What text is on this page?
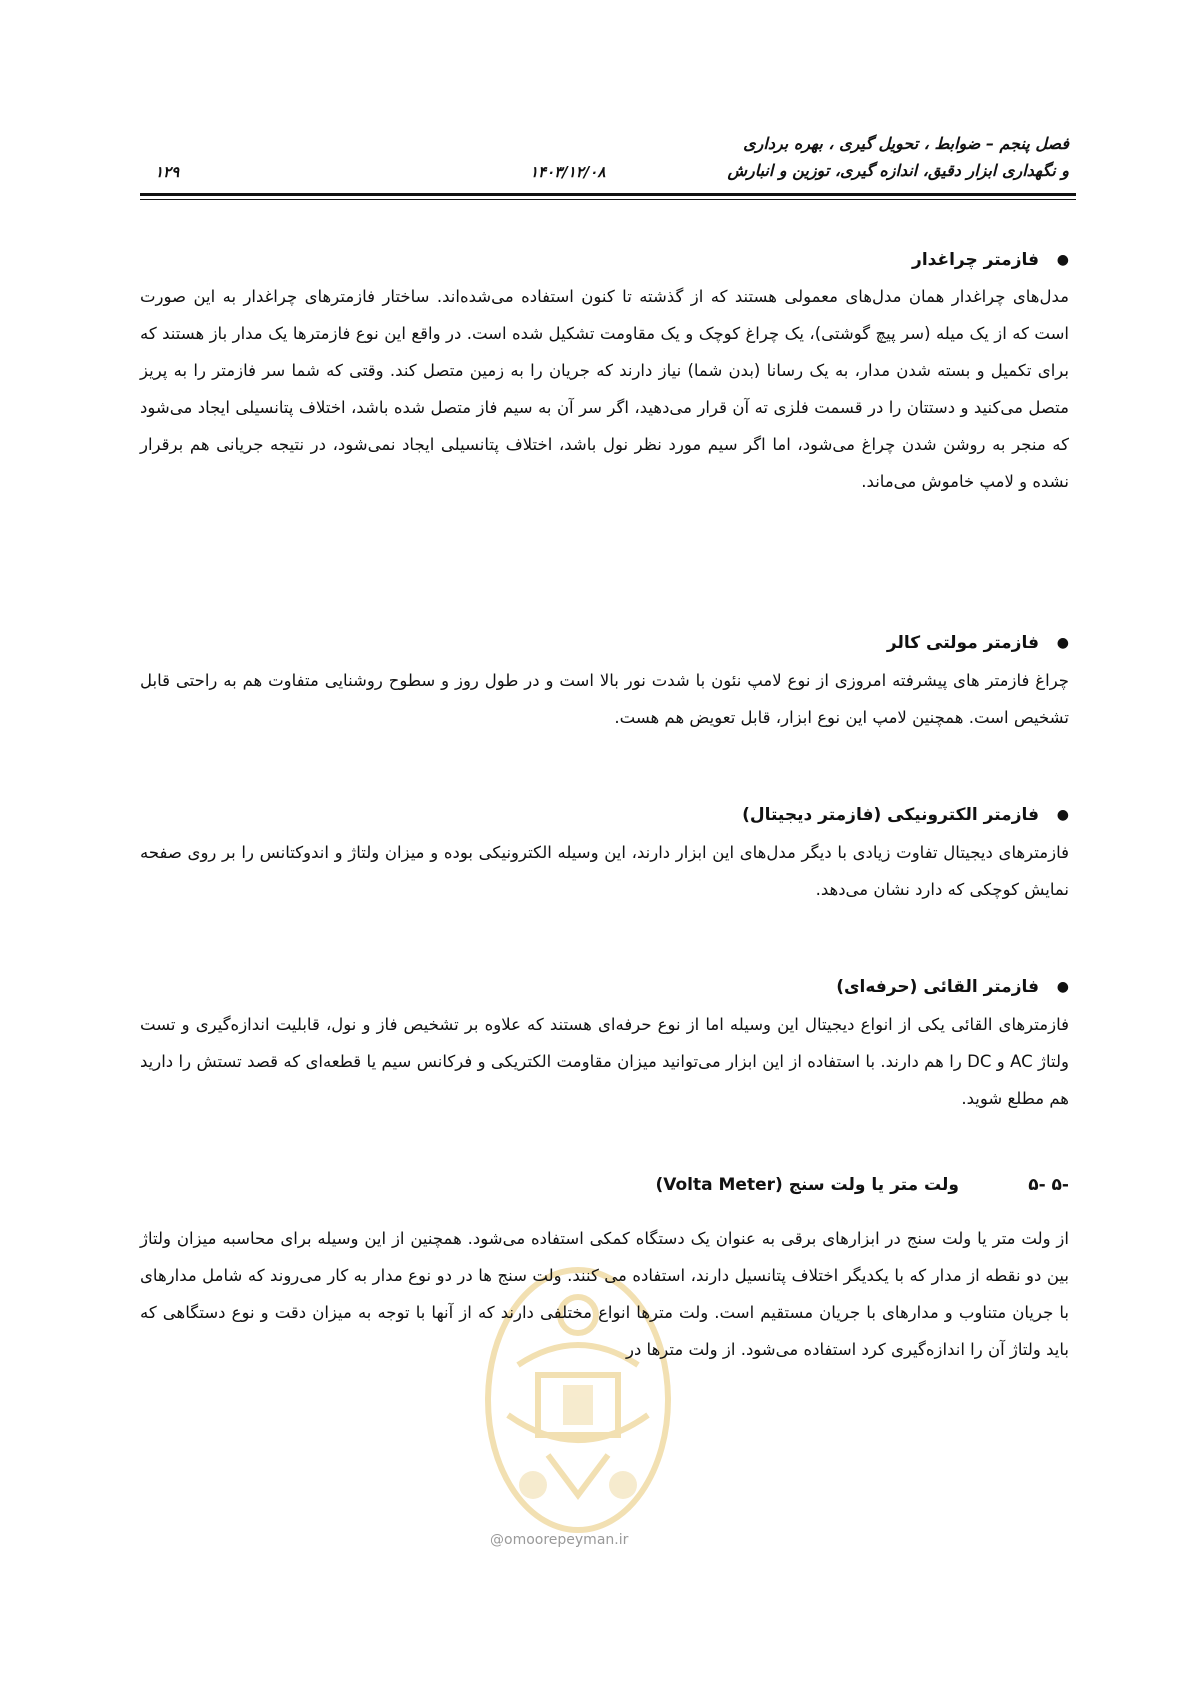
فصل پنجم – ضوابط ، تحویل گیری ، بهره برداری
و نگهداری ابزار دقیق، اندازه گیری، توزین و انبارش
۱۴۰۳/۱۲/۰۸
۱۲۹
@omoorepeyman.ir
●
فازمتر چراغدار

مدل‌های چراغدار همان مدل‌های معمولی هستند که از گذشته تا کنون استفاده می‌شده‌اند. ساختار فازمترهای چراغدار به این صورت است که از یک میله (سر پیچ گوشتی)، یک چراغ کوچک و یک مقاومت تشکیل شده است. در واقع این نوع فازمترها یک مدار باز هستند که برای تکمیل و بسته شدن مدار، به یک رسانا (بدن شما) نیاز دارند که جریان را به زمین متصل کند. وقتی که شما سر فازمتر را به پریز متصل می‌کنید و دستتان را در قسمت فلزی ته آن قرار می‌دهید، اگر سر آن به سیم فاز متصل شده باشد، اختلاف پتانسیلی ایجاد می‌شود که منجر به روشن شدن چراغ می‌شود، اما اگر سیم مورد نظر نول باشد، اختلاف پتانسیلی ایجاد نمی‌شود، در نتیجه جریانی هم برقرار نشده و لامپ خاموش می‌ماند.

●
فازمتر مولتی کالر

چراغ فازمتر های پیشرفته امروزی از نوع لامپ نئون با شدت نور بالا است و در طول روز و سطوح روشنایی متفاوت هم به راحتی قابل تشخیص است. همچنین لامپ این نوع ابزار، قابل تعویض هم هست.

●
فازمتر الکترونیکی (فازمتر دیجیتال)

فازمترهای دیجیتال تفاوت زیادی با دیگر مدل‌های این ابزار دارند، این وسیله الکترونیکی بوده و میزان ولتاژ و اندوکتانس را بر روی صفحه نمایش کوچکی که دارد نشان می‌دهد.

●
فازمتر القائی (حرفه‌ای)

فازمترهای القائی یکی از انواع دیجیتال این وسیله اما از نوع حرفه‌ای هستند که علاوه بر تشخیص فاز و نول، قابلیت اندازه‌گیری و تست ولتاژ AC و DC را هم دارند. با استفاده از این ابزار می‌توانید میزان مقاومت الکتریکی و فرکانس سیم یا قطعه‌ای که قصد تستش را دارید هم مطلع شوید.

۵- ۵-
ولت متر یا ولت سنج (Volta Meter)

از ولت متر یا ولت سنج در ابزارهای برقی به عنوان یک دستگاه کمکی استفاده می‌شود. همچنین از این وسیله برای محاسبه میزان ولتاژ بین دو نقطه از مدار که با یکدیگر اختلاف پتانسیل دارند، استفاده می کنند. ولت سنج ها در دو نوع مدار به کار می‌روند که شامل مدارهای با جریان متناوب و مدارهای با جریان مستقیم است. ولت مترها انواع مختلفی دارند که از آنها با توجه به میزان دقت و نوع دستگاهی که باید ولتاژ آن را اندازه‌گیری کرد استفاده می‌شود. از ولت مترها در
